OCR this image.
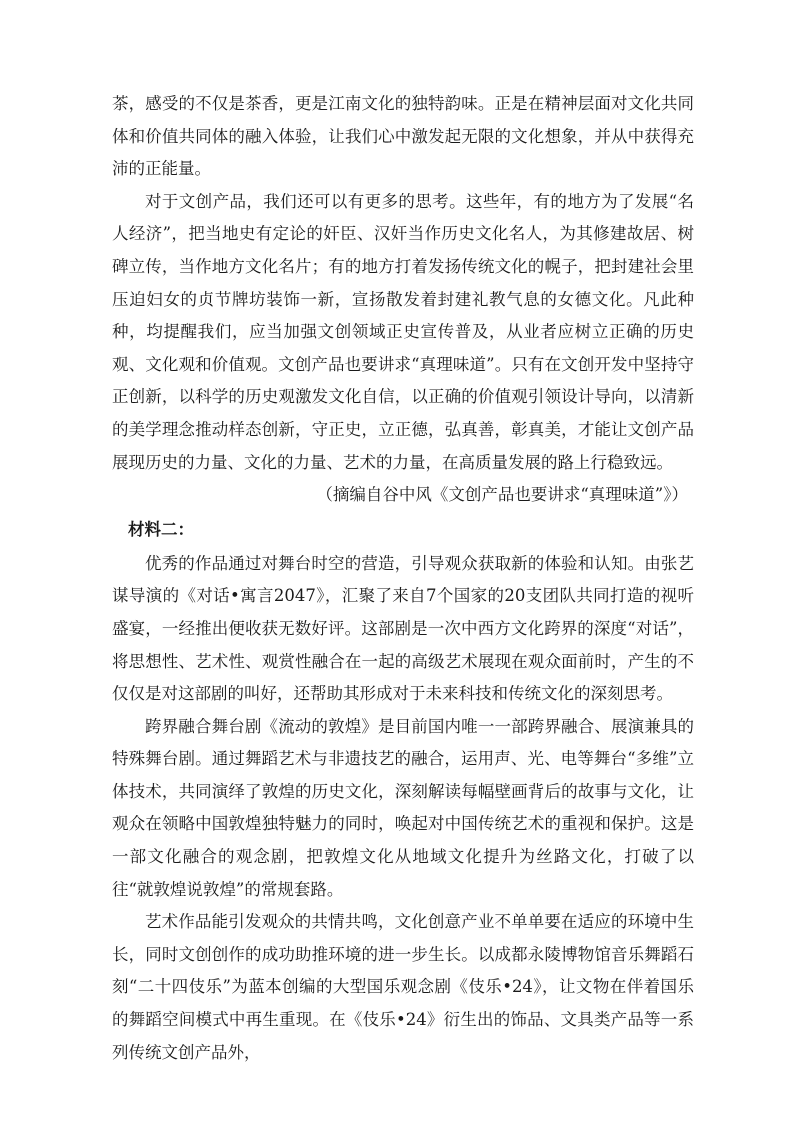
茶，感受的不仅是茶香，更是江南文化的独特韵味。正是在精神层面对文化共同体和价值共同体的融入体验，让我们心中激发起无限的文化想象，并从中获得充沛的正能量。

对于文创产品，我们还可以有更多的思考。这些年，有的地方为了发展“名人经济”，把当地史有定论的奸臣、汉奸当作历史文化名人，为其修建故居、树碑立传，当作地方文化名片；有的地方打着发扬传统文化的幌子，把封建社会里压迫妇女的贞节牌坊装饰一新，宣扬散发着封建礼教气息的女德文化。凡此种种，均提醒我们，应当加强文创领域正史宣传普及，从业者应树立正确的历史观、文化观和价值观。文创产品也要讲求“真理味道”。只有在文创开发中坚持守正创新，以科学的历史观激发文化自信，以正确的价值观引领设计导向，以清新的美学理念推动样态创新，守正史，立正德，弘真善，彰真美，才能让文创产品展现历史的力量、文化的力量、艺术的力量，在高质量发展的路上行稳致远。

（摘编自谷中风《文创产品也要讲求“真理味道”》）

材料二：

优秀的作品通过对舞台时空的营造，引导观众获取新的体验和认知。由张艺谋导演的《对话•寓言2047》，汇聚了来自7个国家的20支团队共同打造的视听盛宴，一经推出便收获无数好评。这部剧是一次中西方文化跨界的深度“对话”，将思想性、艺术性、观赏性融合在一起的高级艺术展现在观众面前时，产生的不仅仅是对这部剧的叫好，还帮助其形成对于未来科技和传统文化的深刻思考。

跨界融合舞台剧《流动的敦煌》是目前国内唯一一部跨界融合、展演兼具的特殊舞台剧。通过舞蹈艺术与非遗技艺的融合，运用声、光、电等舞台“多维”立体技术，共同演绎了敦煌的历史文化，深刻解读每幅壁画背后的故事与文化，让观众在领略中国敦煌独特魅力的同时，唤起对中国传统艺术的重视和保护。这是一部文化融合的观念剧，把敦煌文化从地域文化提升为丝路文化，打破了以往“就敦煌说敦煌”的常规套路。

艺术作品能引发观众的共情共鸣，文化创意产业不单单要在适应的环境中生长，同时文创创作的成功助推环境的进一步生长。以成都永陵博物馆音乐舞蹈石刻“二十四伎乐”为蓝本创编的大型国乐观念剧《伎乐•24》，让文物在伴着国乐的舞蹈空间模式中再生重现。在《伎乐•24》衍生出的饰品、文具类产品等一系列传统文创产品外，
